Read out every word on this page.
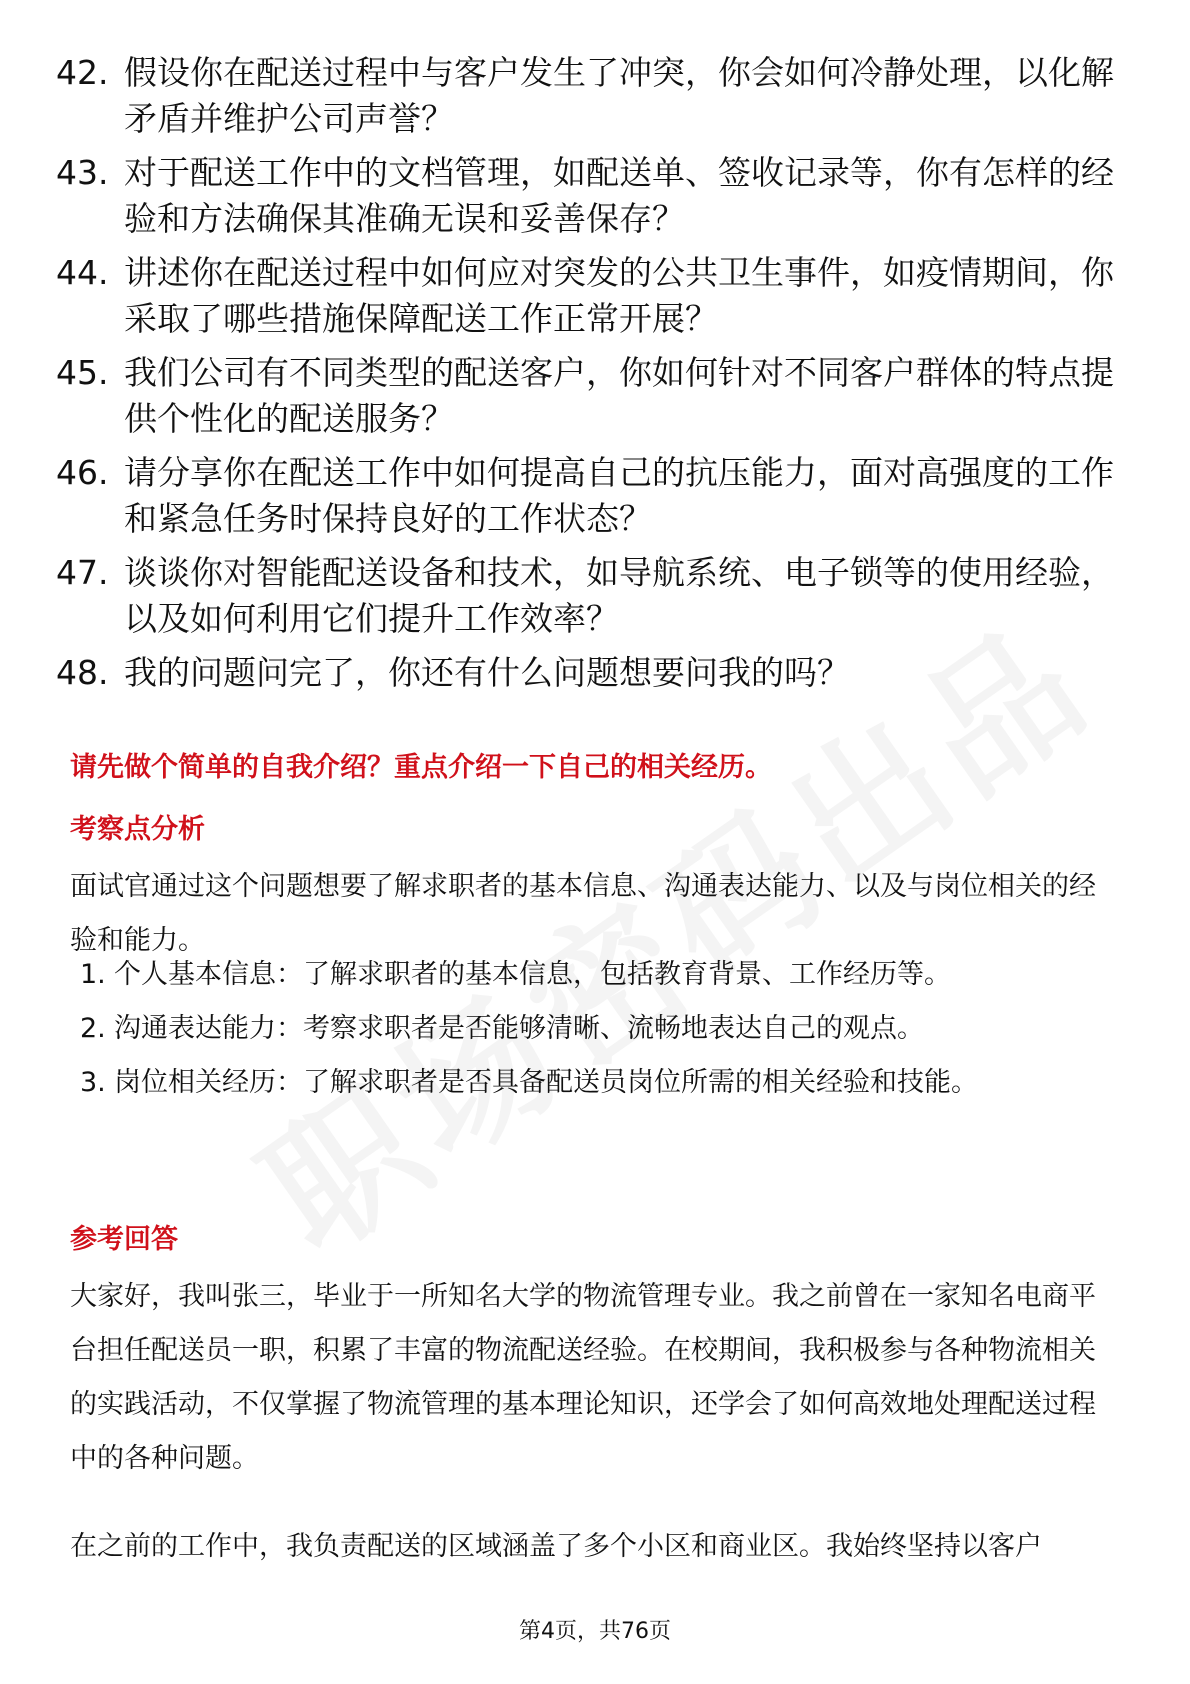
42. 假设你在配送过程中与客户发生了冲突，你会如何冷静处理，以化解矛盾并维护公司声誉？
43. 对于配送工作中的文档管理，如配送单、签收记录等，你有怎样的经验和方法确保其准确无误和妥善保存？
44. 讲述你在配送过程中如何应对突发的公共卫生事件，如疫情期间，你采取了哪些措施保障配送工作正常开展？
45. 我们公司有不同类型的配送客户，你如何针对不同客户群体的特点提供个性化的配送服务？
46. 请分享你在配送工作中如何提高自己的抗压能力，面对高强度的工作和紧急任务时保持良好的工作状态？
47. 谈谈你对智能配送设备和技术，如导航系统、电子锁等的使用经验，以及如何利用它们提升工作效率？
48. 我的问题问完了，你还有什么问题想要问我的吗？
请先做个简单的自我介绍？重点介绍一下自己的相关经历。
考察点分析
面试官通过这个问题想要了解求职者的基本信息、沟通表达能力、以及与岗位相关的经验和能力。
1. 个人基本信息：了解求职者的基本信息，包括教育背景、工作经历等。
2. 沟通表达能力：考察求职者是否能够清晰、流畅地表达自己的观点。
3. 岗位相关经历：了解求职者是否具备配送员岗位所需的相关经验和技能。
参考回答
大家好，我叫张三，毕业于一所知名大学的物流管理专业。我之前曾在一家知名电商平台担任配送员一职，积累了丰富的物流配送经验。在校期间，我积极参与各种物流相关的实践活动，不仅掌握了物流管理的基本理论知识，还学会了如何高效地处理配送过程中的各种问题。
在之前的工作中，我负责配送的区域涵盖了多个小区和商业区。我始终坚持以客户
第4页，共76页
